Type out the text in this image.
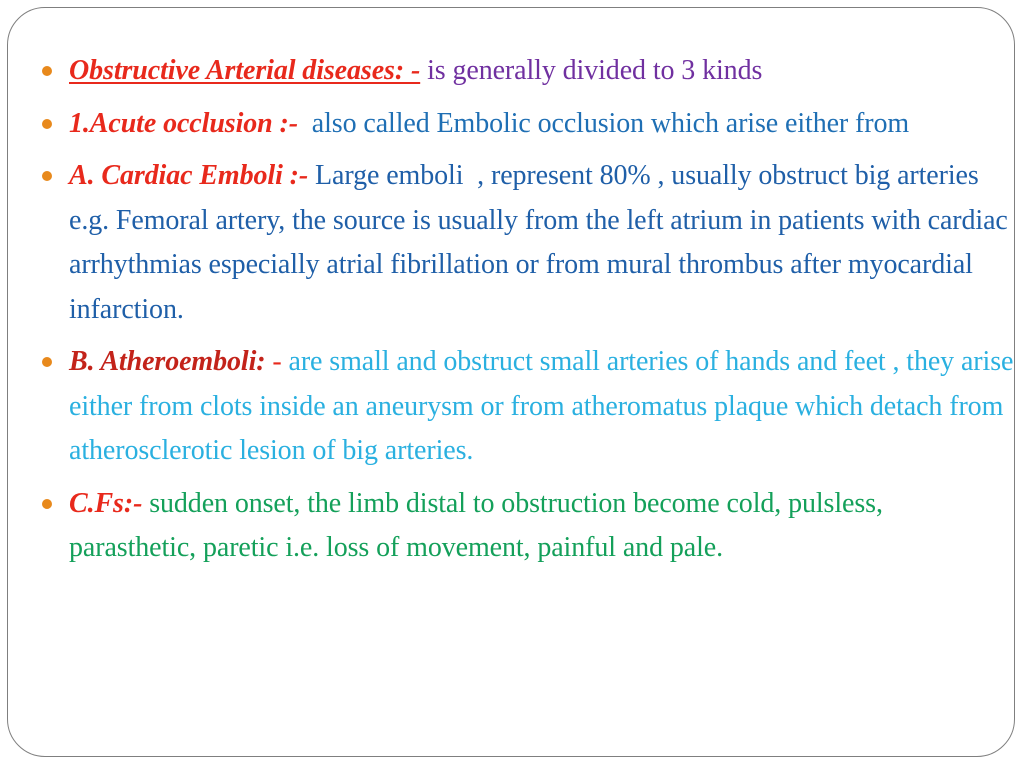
Obstructive Arterial diseases: - is generally divided to 3 kinds
1.Acute occlusion :-  also called Embolic occlusion which arise either from
A. Cardiac Emboli :- Large emboli  , represent 80% , usually obstruct big arteries e.g. Femoral artery, the source is usually from the left atrium in patients with cardiac arrhythmias especially atrial fibrillation or from mural thrombus after myocardial infarction.
B. Atheroemboli: - are small and obstruct small arteries of hands and feet , they arise either from clots inside an aneurysm or from atheromatus plaque which detach from atherosclerotic lesion of big arteries.
C.Fs:- sudden onset, the limb distal to obstruction become cold, pulsless, parasthetic, paretic i.e. loss of movement, painful and pale.
